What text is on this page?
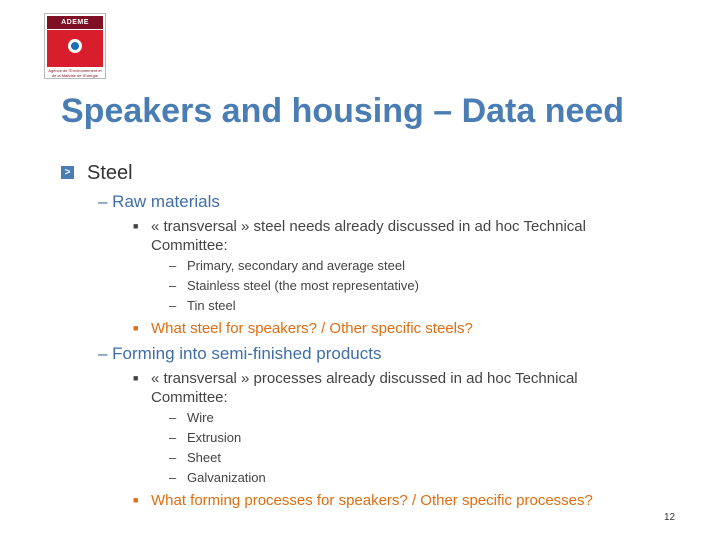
ADEME
Agence de l'Environnement et de la Maîtrise de l'Energie
Speakers and housing – Data need
> Steel
– Raw materials
■ « transversal » steel needs already discussed in ad hoc Technical
Committee:
– Primary, secondary and average steel
– Stainless steel (the most representative)
– Tin steel
■ What steel for speakers? / Other specific steels?
– Forming into semi-finished products
■ « transversal » processes already discussed in ad hoc Technical
Committee:
– Wire
– Extrusion
– Sheet
– Galvanization
■ What forming processes for speakers? / Other specific processes?
12
